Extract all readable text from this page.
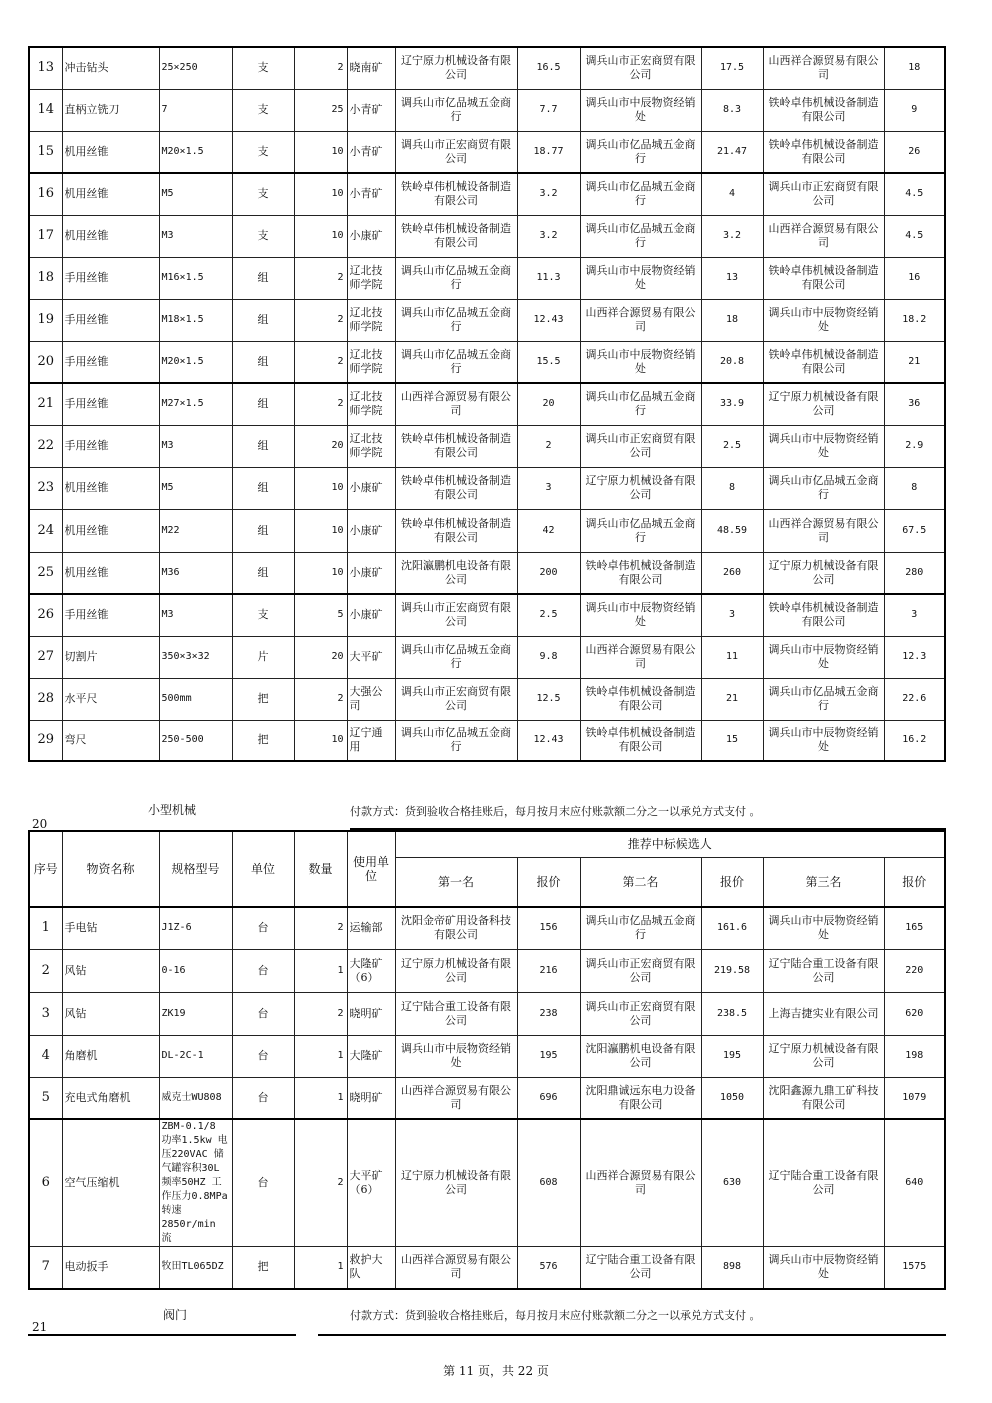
13	冲击钻头	25×250	支	2	晓南矿	辽宁原力机械设备有限公司	16.5	调兵山市正宏商贸有限公司	17.5	山西祥合源贸易有限公司	18
14	直柄立铣刀	7	支	25	小青矿	调兵山市亿品城五金商行	7.7	调兵山市中辰物资经销处	8.3	铁岭卓伟机械设备制造有限公司	9
15	机用丝锥	M20×1.5	支	10	小青矿	调兵山市正宏商贸有限公司	18.77	调兵山市亿品城五金商行	21.47	铁岭卓伟机械设备制造有限公司	26
16	机用丝锥	M5	支	10	小青矿	铁岭卓伟机械设备制造有限公司	3.2	调兵山市亿品城五金商行	4	调兵山市正宏商贸有限公司	4.5
17	机用丝锥	M3	支	10	小康矿	铁岭卓伟机械设备制造有限公司	3.2	调兵山市亿品城五金商行	3.2	山西祥合源贸易有限公司	4.5
18	手用丝锥	M16×1.5	组	2	辽北技师学院	调兵山市亿品城五金商行	11.3	调兵山市中辰物资经销处	13	铁岭卓伟机械设备制造有限公司	16
19	手用丝锥	M18×1.5	组	2	辽北技师学院	调兵山市亿品城五金商行	12.43	山西祥合源贸易有限公司	18	调兵山市中辰物资经销处	18.2
20	手用丝锥	M20×1.5	组	2	辽北技师学院	调兵山市亿品城五金商行	15.5	调兵山市中辰物资经销处	20.8	铁岭卓伟机械设备制造有限公司	21
21	手用丝锥	M27×1.5	组	2	辽北技师学院	山西祥合源贸易有限公司	20	调兵山市亿品城五金商行	33.9	辽宁原力机械设备有限公司	36
22	手用丝锥	M3	组	20	辽北技师学院	铁岭卓伟机械设备制造有限公司	2	调兵山市正宏商贸有限公司	2.5	调兵山市中辰物资经销处	2.9
23	机用丝锥	M5	组	10	小康矿	铁岭卓伟机械设备制造有限公司	3	辽宁原力机械设备有限公司	8	调兵山市亿品城五金商行	8
24	机用丝锥	M22	组	10	小康矿	铁岭卓伟机械设备制造有限公司	42	调兵山市亿品城五金商行	48.59	山西祥合源贸易有限公司	67.5
25	机用丝锥	M36	组	10	小康矿	沈阳瀛鹏机电设备有限公司	200	铁岭卓伟机械设备制造有限公司	260	辽宁原力机械设备有限公司	280
26	手用丝锥	M3	支	5	小康矿	调兵山市正宏商贸有限公司	2.5	调兵山市中辰物资经销处	3	铁岭卓伟机械设备制造有限公司	3
27	切割片	350×3×32	片	20	大平矿	调兵山市亿品城五金商行	9.8	山西祥合源贸易有限公司	11	调兵山市中辰物资经销处	12.3
28	水平尺	500mm	把	2	大强公司	调兵山市正宏商贸有限公司	12.5	铁岭卓伟机械设备制造有限公司	21	调兵山市亿品城五金商行	22.6
29	弯尺	250-500	把	10	辽宁通用	调兵山市亿品城五金商行	12.43	铁岭卓伟机械设备制造有限公司	15	调兵山市中辰物资经销处	16.2
小型机械	付款方式：货到验收合格挂账后，每月按月末应付账款额二分之一以承兑方式支付 。
20
序号	物资名称	规格型号	单位	数量	使用单位	推荐中标候选人					
						第一名	报价	第二名	报价	第三名	报价
1	手电钻	J1Z-6	台	2	运输部	沈阳金帝矿用设备科技有限公司	156	调兵山市亿品城五金商行	161.6	调兵山市中辰物资经销处	165
2	风钻	0-16	台	1	大隆矿（6）	辽宁原力机械设备有限公司	216	调兵山市正宏商贸有限公司	219.58	辽宁陆合重工设备有限公司	220
3	风钻	ZK19	台	2	晓明矿	辽宁陆合重工设备有限公司	238	调兵山市正宏商贸有限公司	238.5	上海吉捷实业有限公司	620
4	角磨机	DL-2C-1	台	1	大隆矿	调兵山市中辰物资经销处	195	沈阳瀛鹏机电设备有限公司	195	辽宁原力机械设备有限公司	198
5	充电式角磨机	威克士WU808	台	1	晓明矿	山西祥合源贸易有限公司	696	沈阳鼎诚远东电力设备有限公司	1050	沈阳鑫源九鼎工矿科技有限公司	1079
6	空气压缩机	ZBM-0.1/8 功率1.5kw 电压220VAC 储气罐容积30L 频率50HZ 工作压力0.8MPa 转速2850r/min 流	台	2	大平矿（6）	辽宁原力机械设备有限公司	608	山西祥合源贸易有限公司	630	辽宁陆合重工设备有限公司	640
7	电动扳手	牧田TL065DZ	把	1	救护大队	山西祥合源贸易有限公司	576	辽宁陆合重工设备有限公司	898	调兵山市中辰物资经销处	1575
阀门	付款方式：货到验收合格挂账后，每月按月末应付账款额二分之一以承兑方式支付 。
21
第 11 页，共 22 页
